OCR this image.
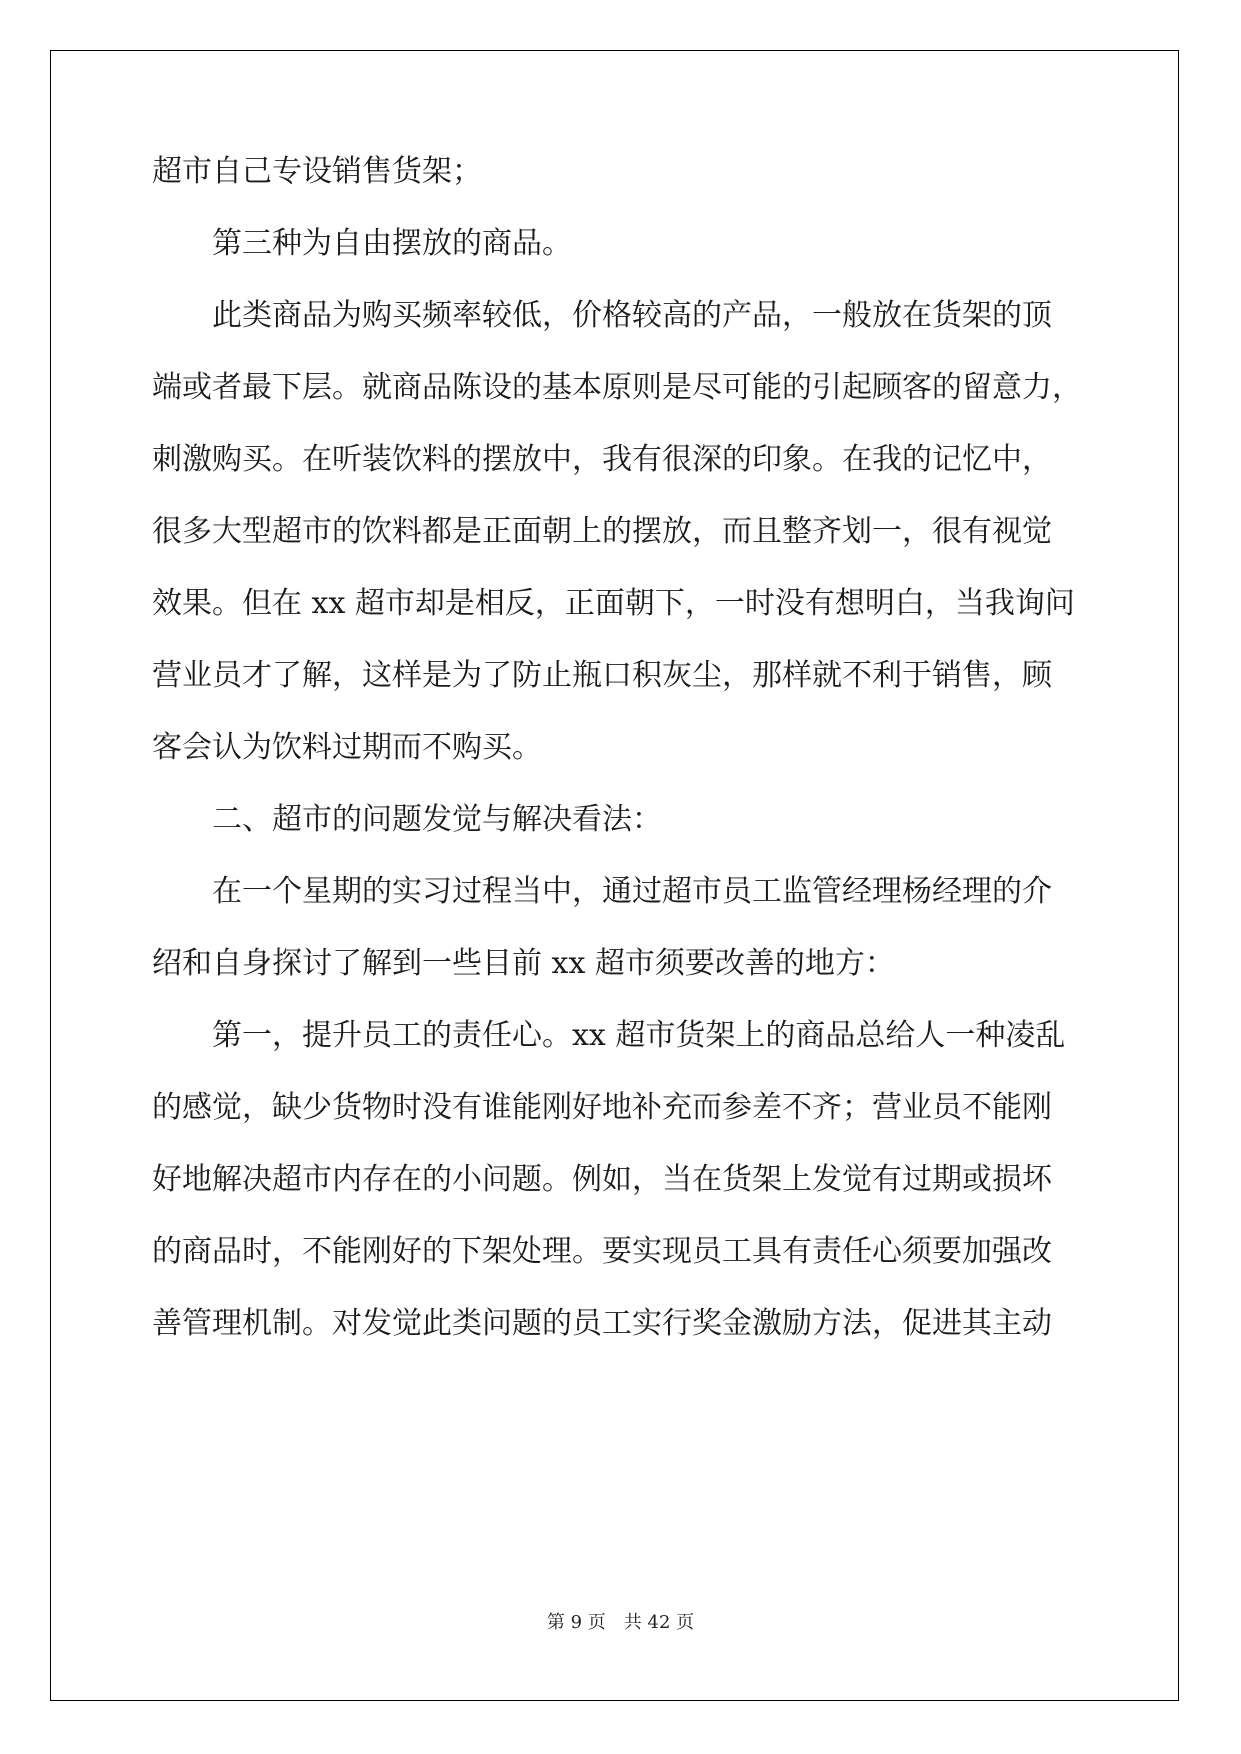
超市自己专设销售货架；
　　第三种为自由摆放的商品。
　　此类商品为购买频率较低，价格较高的产品，一般放在货架的顶
端或者最下层。就商品陈设的基本原则是尽可能的引起顾客的留意力，
刺激购买。在听装饮料的摆放中，我有很深的印象。在我的记忆中，
很多大型超市的饮料都是正面朝上的摆放，而且整齐划一，很有视觉
效果。但在 xx 超市却是相反，正面朝下，一时没有想明白，当我询问
营业员才了解，这样是为了防止瓶口积灰尘，那样就不利于销售，顾
客会认为饮料过期而不购买。
　　二、超市的问题发觉与解决看法：
　　在一个星期的实习过程当中，通过超市员工监管经理杨经理的介
绍和自身探讨了解到一些目前 xx 超市须要改善的地方：
　　第一，提升员工的责任心。xx 超市货架上的商品总给人一种凌乱
的感觉，缺少货物时没有谁能刚好地补充而参差不齐；营业员不能刚
好地解决超市内存在的小问题。例如，当在货架上发觉有过期或损坏
的商品时，不能刚好的下架处理。要实现员工具有责任心须要加强改
善管理机制。对发觉此类问题的员工实行奖金激励方法，促进其主动
第 9 页　共 42 页
